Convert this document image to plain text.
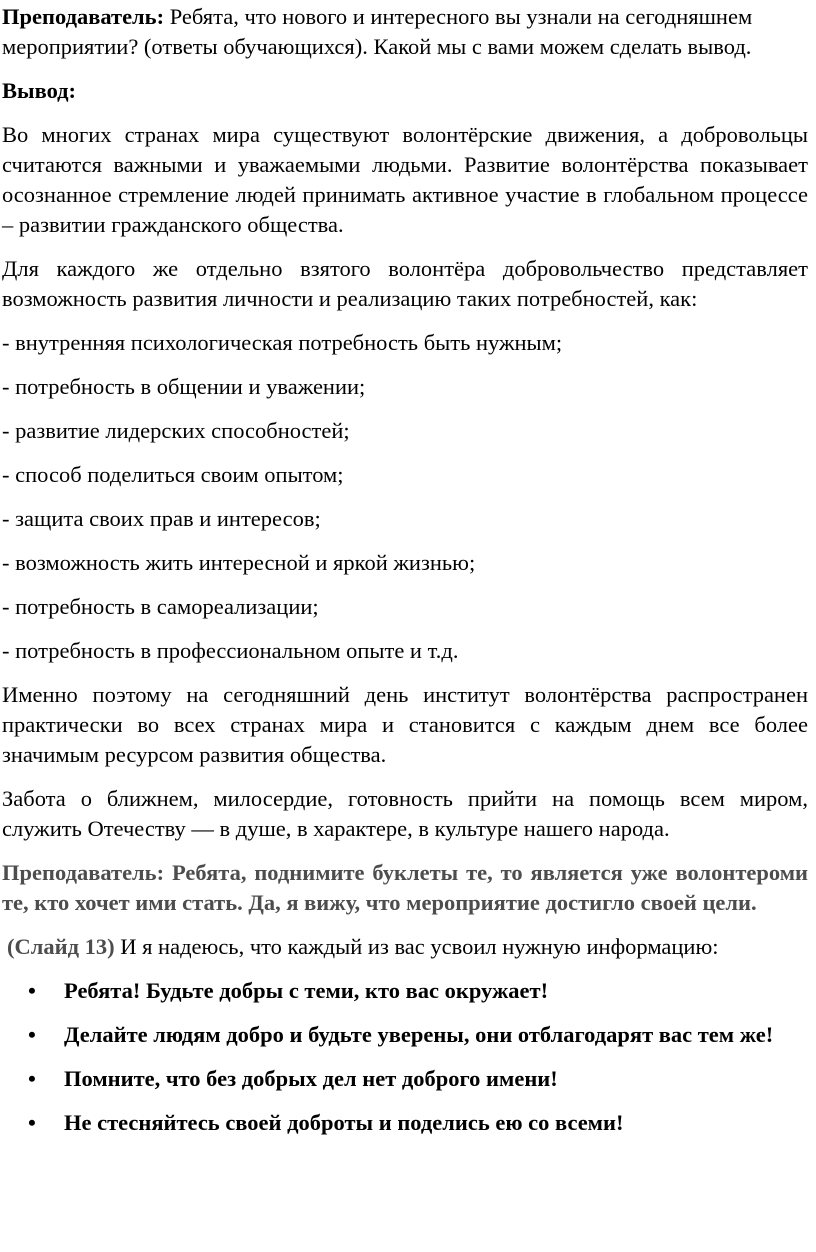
Преподаватель: Ребята, что нового и интересного вы узнали на сегодняшнем мероприятии? (ответы обучающихся). Какой мы с вами можем сделать вывод.

Вывод:

Во многих странах мира существуют волонтёрские движения, а добровольцы считаются важными и уважаемыми людьми. Развитие волонтёрства показывает осознанное стремление людей принимать активное участие в глобальном процессе – развитии гражданского общества.

Для каждого же отдельно взятого волонтёра добровольчество представляет возможность развития личности и реализацию таких потребностей, как:

- внутренняя психологическая потребность быть нужным;

- потребность в общении и уважении;

- развитие лидерских способностей;

- способ поделиться своим опытом;

- защита своих прав и интересов;

- возможность жить интересной и яркой жизнью;

- потребность в самореализации;

- потребность в профессиональном опыте и т.д.

Именно поэтому на сегодняшний день институт волонтёрства распространен практически во всех странах мира и становится с каждым днем все более значимым ресурсом развития общества.

Забота о ближнем, милосердие, готовность прийти на помощь всем миром, служить Отечеству — в душе, в характере, в культуре нашего народа.

Преподаватель: Ребята, поднимите буклеты те, то является уже волонтероми те, кто хочет ими стать. Да, я вижу, что мероприятие достигло своей цели.

(Слайд 13) И я надеюсь, что каждый из вас усвоил нужную информацию:

• Ребята! Будьте добры с теми, кто вас окружает!
• Делайте людям добро и будьте уверены, они отблагодарят вас тем же!
• Помните, что без добрых дел нет доброго имени!
• Не стесняйтесь своей доброты и поделись ею со всеми!
